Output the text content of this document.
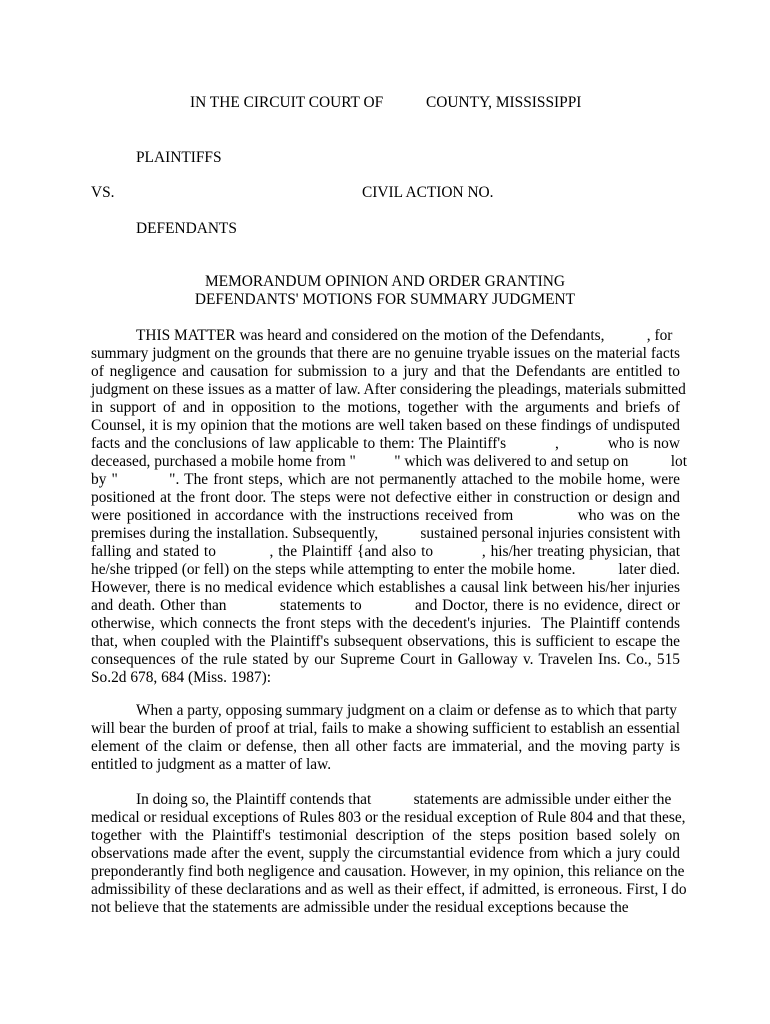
IN THE CIRCUIT COURT OF	COUNTY, MISSISSIPPI
PLAINTIFFS
VS.	CIVIL ACTION NO.
DEFENDANTS
MEMORANDUM OPINION AND ORDER GRANTING
DEFENDANTS' MOTIONS FOR SUMMARY JUDGMENT
THIS MATTER was heard and considered on the motion of the Defendants,           , for
summary judgment on the grounds that there are no genuine tryable issues on the material facts
of negligence and causation for submission to a jury and that the Defendants are entitled to
judgment on these issues as a matter of law. After considering the pleadings, materials submitted
in support of and in opposition to the motions, together with the arguments and briefs of
Counsel, it is my opinion that the motions are well taken based on these findings of undisputed
facts and the conclusions of law applicable to them: The Plaintiff's           ,           who is now
deceased, purchased a mobile home from "          " which was delivered to and setup on           lot
by "          ". The front steps, which are not permanently attached to the mobile home, were
positioned at the front door. The steps were not defective either in construction or design and
were positioned in accordance with the instructions received from           who was on the
premises during the installation. Subsequently,           sustained personal injuries consistent with
falling and stated to           , the Plaintiff {and also to          , his/her treating physician, that
he/she tripped (or fell) on the steps while attempting to enter the mobile home.           later died.
However, there is no medical evidence which establishes a causal link between his/her injuries
and death. Other than           statements to           and Doctor, there is no evidence, direct or
otherwise, which connects the front steps with the decedent's injuries.  The Plaintiff contends
that, when coupled with the Plaintiff's subsequent observations, this is sufficient to escape the
consequences of the rule stated by our Supreme Court in Galloway v. Travelen Ins. Co., 515
So.2d 678, 684 (Miss. 1987):
When a party, opposing summary judgment on a claim or defense as to which that party
will bear the burden of proof at trial, fails to make a showing sufficient to establish an essential
element of the claim or defense, then all other facts are immaterial, and the moving party is
entitled to judgment as a matter of law.
In doing so, the Plaintiff contends that           statements are admissible under either the
medical or residual exceptions of Rules 803 or the residual exception of Rule 804 and that these,
together with the Plaintiff's testimonial description of the steps position based solely on
observations made after the event, supply the circumstantial evidence from which a jury could
preponderantly find both negligence and causation. However, in my opinion, this reliance on the
admissibility of these declarations and as well as their effect, if admitted, is erroneous. First, I do
not believe that the statements are admissible under the residual exceptions because the
